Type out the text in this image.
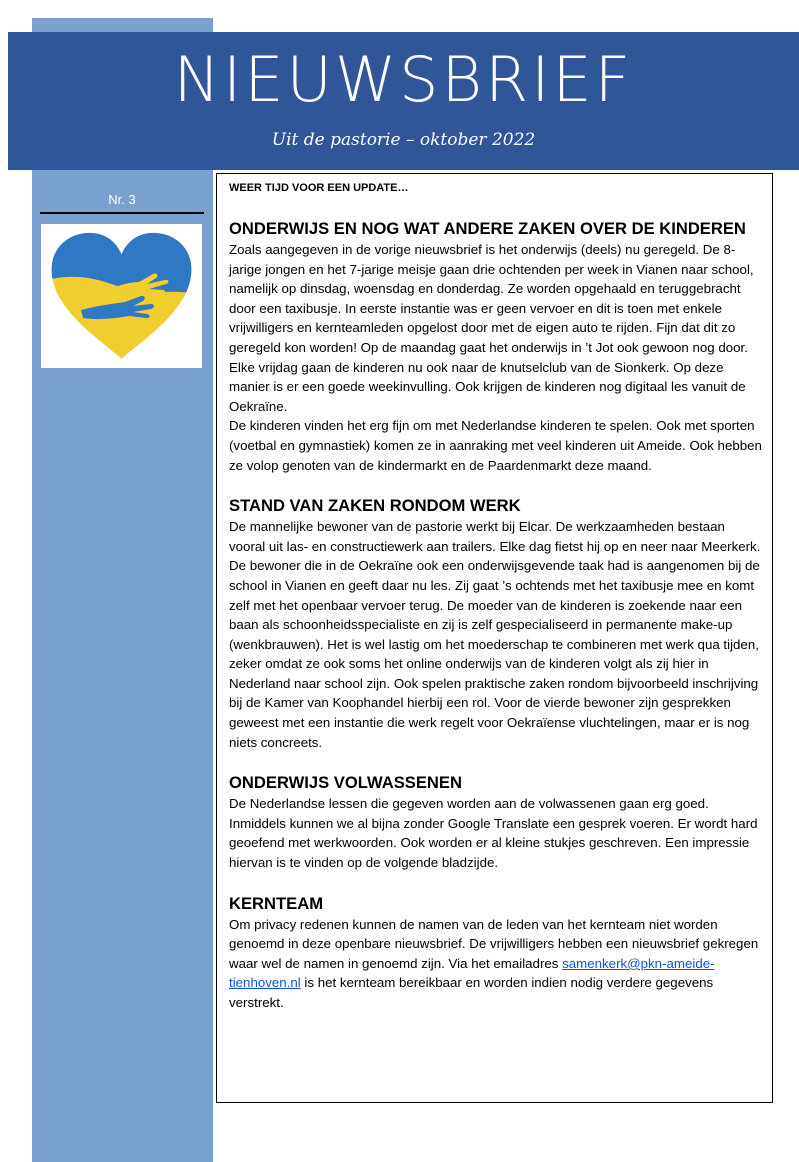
NIEUWSBRIEF
Uit de pastorie – oktober 2022
Nr. 3
WEER TIJD VOOR EEN UPDATE…
ONDERWIJS EN NOG WAT ANDERE ZAKEN OVER DE KINDEREN

Zoals aangegeven in de vorige nieuwsbrief is het onderwijs (deels) nu geregeld. De 8-jarige jongen en het 7-jarige meisje gaan drie ochtenden per week in Vianen naar school, namelijk op dinsdag, woensdag en donderdag. Ze worden opgehaald en teruggebracht door een taxibusje. In eerste instantie was er geen vervoer en dit is toen met enkele vrijwilligers en kernteamleden opgelost door met de eigen auto te rijden. Fijn dat dit zo geregeld kon worden! Op de maandag gaat het onderwijs in ’t Jot ook gewoon nog door. Elke vrijdag gaan de kinderen nu ook naar de knutselclub van de Sionkerk. Op deze manier is er een goede weekinvulling. Ook krijgen de kinderen nog digitaal les vanuit de Oekraïne.

De kinderen vinden het erg fijn om met Nederlandse kinderen te spelen. Ook met sporten (voetbal en gymnastiek) komen ze in aanraking met veel kinderen uit Ameide. Ook hebben ze volop genoten van de kindermarkt en de Paardenmarkt deze maand.

STAND VAN ZAKEN RONDOM WERK

De mannelijke bewoner van de pastorie werkt bij Elcar. De werkzaamheden bestaan vooral uit las- en constructiewerk aan trailers. Elke dag fietst hij op en neer naar Meerkerk. De bewoner die in de Oekraïne ook een onderwijsgevende taak had is aangenomen bij de school in Vianen en geeft daar nu les. Zij gaat ’s ochtends met het taxibusje mee en komt zelf met het openbaar vervoer terug. De moeder van de kinderen is zoekende naar een baan als schoonheidsspecialiste en zij is zelf gespecialiseerd in permanente make-up (wenkbrauwen). Het is wel lastig om het moederschap te combineren met werk qua tijden, zeker omdat ze ook soms het online onderwijs van de kinderen volgt als zij hier in Nederland naar school zijn. Ook spelen praktische zaken rondom bijvoorbeeld inschrijving bij de Kamer van Koophandel hierbij een rol. Voor de vierde bewoner zijn gesprekken geweest met een instantie die werk regelt voor Oekraïense vluchtelingen, maar er is nog niets concreets.

ONDERWIJS VOLWASSENEN

De Nederlandse lessen die gegeven worden aan de volwassenen gaan erg goed. Inmiddels kunnen we al bijna zonder Google Translate een gesprek voeren. Er wordt hard geoefend met werkwoorden. Ook worden er al kleine stukjes geschreven. Een impressie hiervan is te vinden op de volgende bladzijde.

KERNTEAM

Om privacy redenen kunnen de namen van de leden van het kernteam niet worden genoemd in deze openbare nieuwsbrief. De vrijwilligers hebben een nieuwsbrief gekregen waar wel de namen in genoemd zijn. Via het emailadres samenkerk@pkn-ameide-tienhoven.nl is het kernteam bereikbaar en worden indien nodig verdere gegevens verstrekt.
